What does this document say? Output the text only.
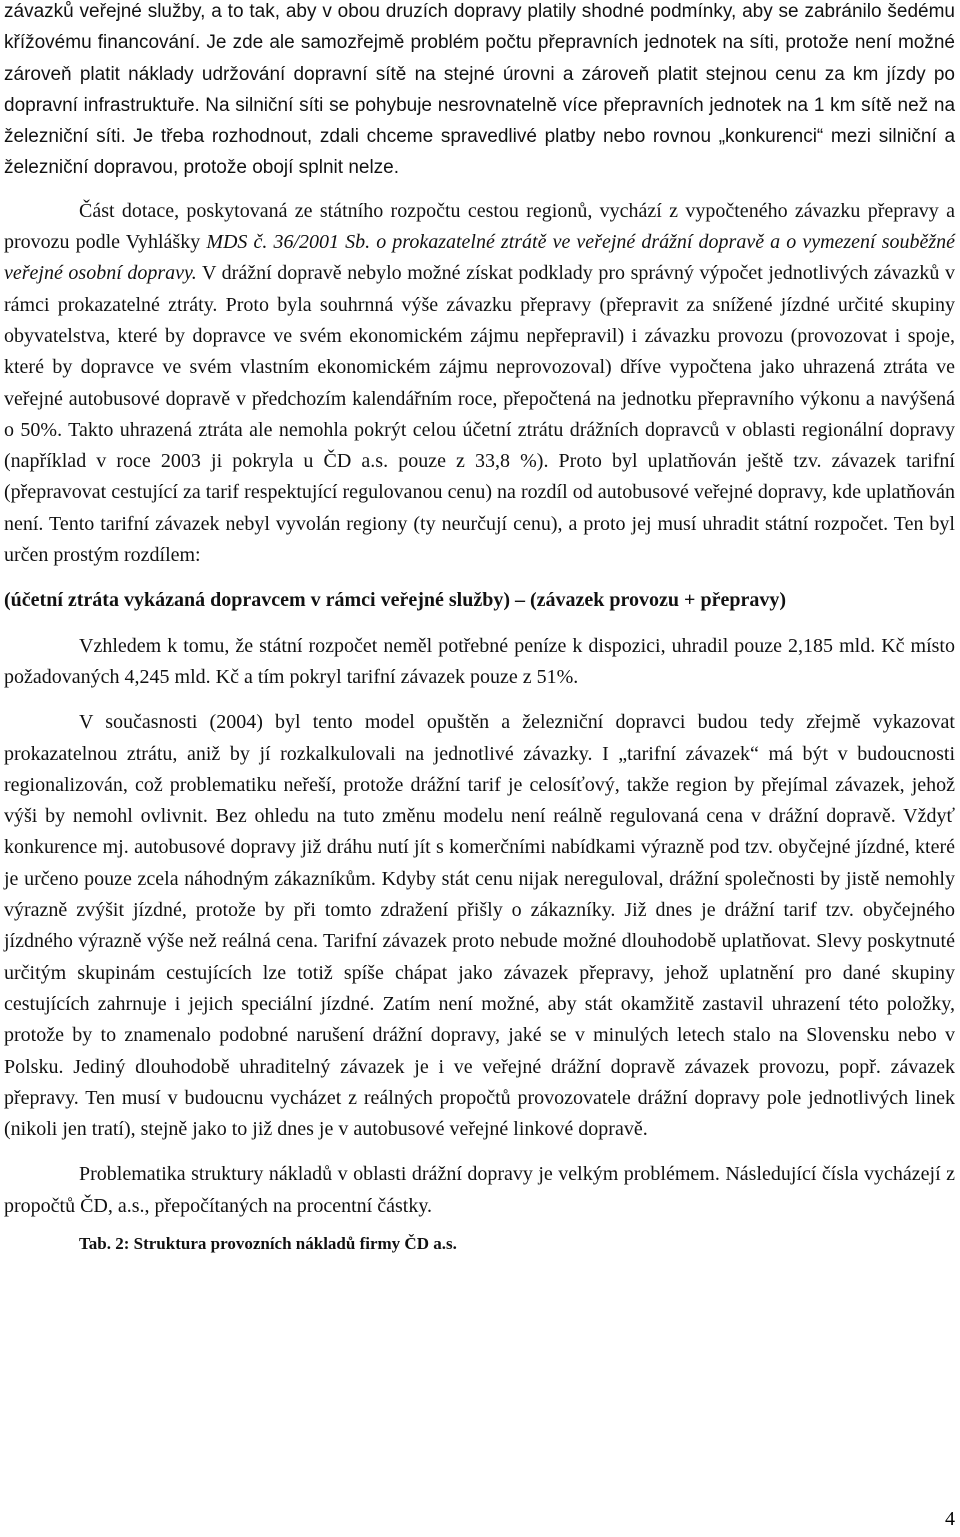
závazků veřejné služby, a to tak, aby v obou druzích dopravy platily shodné podmínky, aby se zabránilo šedému křížovému financování. Je zde ale samozřejmě problém počtu přepravních jednotek na síti, protože není možné zároveň platit náklady udržování dopravní sítě na stejné úrovni a zároveň platit stejnou cenu za km jízdy po dopravní infrastruktuře. Na silniční síti se pohybuje nesrovnatelně více přepravních jednotek na 1 km sítě než na železniční síti. Je třeba rozhodnout, zdali chceme spravedlivé platby nebo rovnou „konkurenci“ mezi silniční a železniční dopravou, protože obojí splnit nelze.

Část dotace, poskytovaná ze státního rozpočtu cestou regionů, vychází z vypočteného závazku přepravy a provozu podle Vyhlášky MDS č. 36/2001 Sb. o prokazatelné ztrátě ve veřejné drážní dopravě a o vymezení souběžné veřejné osobní dopravy. V drážní dopravě nebylo možné získat podklady pro správný výpočet jednotlivých závazků v rámci prokazatelné ztráty. Proto byla souhrnná výše závazku přepravy (přepravit za snížené jízdné určité skupiny obyvatelstva, které by dopravce ve svém ekonomickém zájmu nepřepravil) i závazku provozu (provozovat i spoje, které by dopravce ve svém vlastním ekonomickém zájmu neprovozoval) dříve vypočtena jako uhrazená ztráta ve veřejné autobusové dopravě v předchozím kalendářním roce, přepočtená na jednotku přepravního výkonu a navýšená o 50%. Takto uhrazená ztráta ale nemohla pokrýt celou účetní ztrátu drážních dopravců v oblasti regionální dopravy (například v roce 2003 ji pokryla u ČD a.s. pouze z 33,8 %). Proto byl uplatňován ještě tzv. závazek tarifní (přepravovat cestující za tarif respektující regulovanou cenu) na rozdíl od autobusové veřejné dopravy, kde uplatňován není. Tento tarifní závazek nebyl vyvolán regiony (ty neurčují cenu), a proto jej musí uhradit státní rozpočet. Ten byl určen prostým rozdílem:

(účetní ztráta vykázaná dopravcem v rámci veřejné služby) – (závazek provozu + přepravy)

Vzhledem k tomu, že státní rozpočet neměl potřebné peníze k dispozici, uhradil pouze 2,185 mld. Kč místo požadovaných 4,245 mld. Kč a tím pokryl tarifní závazek pouze z 51%.

V současnosti (2004) byl tento model opuštěn a železniční dopravci budou tedy zřejmě vykazovat prokazatelnou ztrátu, aniž by jí rozkalkulovali na jednotlivé závazky. I „tarifní závazek“ má být v budoucnosti regionalizován, což problematiku neřeší, protože drážní tarif je celosíťový, takže region by přejímal závazek, jehož výši by nemohl ovlivnit. Bez ohledu na tuto změnu modelu není reálně regulovaná cena v drážní dopravě. Vždyť konkurence mj. autobusové dopravy již dráhu nutí jít s komerčními nabídkami výrazně pod tzv. obyčejné jízdné, které je určeno pouze zcela náhodným zákazníkům. Kdyby stát cenu nijak nereguloval, drážní společnosti by jistě nemohly výrazně zvýšit jízdné, protože by při tomto zdražení přišly o zákazníky. Již dnes je drážní tarif tzv. obyčejného jízdného výrazně výše než reálná cena. Tarifní závazek proto nebude možné dlouhodobě uplatňovat. Slevy poskytnuté určitým skupinám cestujících lze totiž spíše chápat jako závazek přepravy, jehož uplatnění pro dané skupiny cestujících zahrnuje i jejich speciální jízdné. Zatím není možné, aby stát okamžitě zastavil uhrazení této položky, protože by to znamenalo podobné narušení drážní dopravy, jaké se v minulých letech stalo na Slovensku nebo v Polsku. Jediný dlouhodobě uhraditelný závazek je i ve veřejné drážní dopravě závazek provozu, popř. závazek přepravy. Ten musí v budoucnu vycházet z reálných propočtů provozovatele drážní dopravy pole jednotlivých linek (nikoli jen tratí), stejně jako to již dnes je v autobusové veřejné linkové dopravě.

Problematika struktury nákladů v oblasti drážní dopravy je velkým problémem. Následující čísla vycházejí z propočtů ČD, a.s., přepočítaných na procentní částky.

Tab. 2: Struktura provozních nákladů firmy ČD a.s.

4
